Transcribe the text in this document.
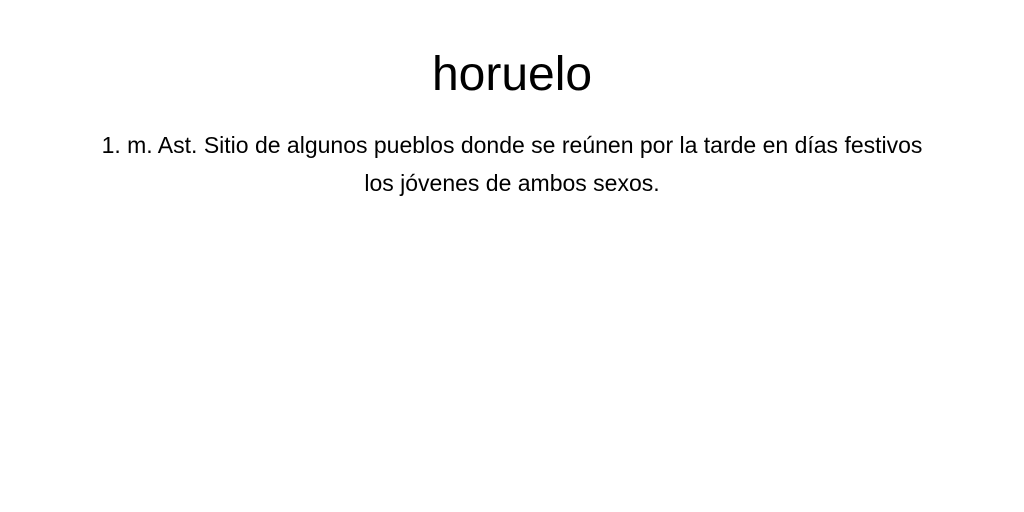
horuelo

1. m. Ast. Sitio de algunos pueblos donde se reúnen por la tarde en días festivos los jóvenes de ambos sexos.
